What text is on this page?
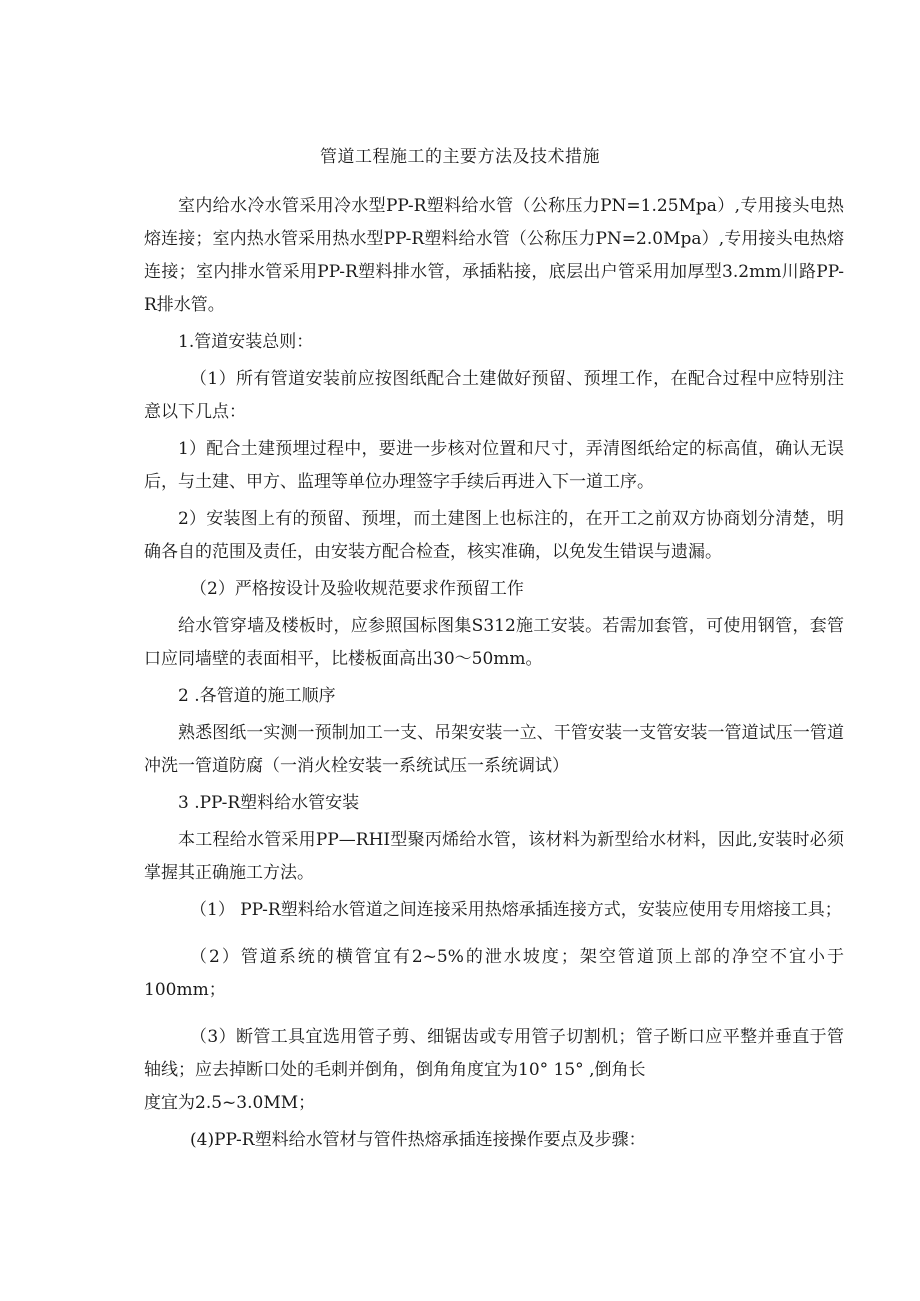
管道工程施工的主要方法及技术措施

室内给水冷水管采用冷水型PP-R塑料给水管（公称压力PN=1.25Mpa）,专用接头电热熔连接；室内热水管采用热水型PP-R塑料给水管（公称压力PN=2.0Mpa）,专用接头电热熔连接；室内排水管采用PP-R塑料排水管，承插粘接，底层出户管采用加厚型3.2mm川路PP-R排水管。

1.管道安装总则：

（1）所有管道安装前应按图纸配合土建做好预留、预埋工作，在配合过程中应特别注意以下几点：

1）配合土建预埋过程中，要进一步核对位置和尺寸，弄清图纸给定的标高值，确认无误后，与土建、甲方、监理等单位办理签字手续后再进入下一道工序。

2）安装图上有的预留、预埋，而土建图上也标注的，在开工之前双方协商划分清楚，明确各自的范围及责任，由安装方配合检查，核实准确，以免发生错误与遗漏。

（2）严格按设计及验收规范要求作预留工作

给水管穿墙及楼板时，应参照国标图集S312施工安装。若需加套管，可使用钢管，套管口应同墙壁的表面相平，比楼板面高出30～50mm。

2 .各管道的施工顺序

熟悉图纸一实测一预制加工一支、吊架安装一立、干管安装一支管安装一管道试压一管道冲洗一管道防腐（一消火栓安装一系统试压一系统调试）

3 .PP-R塑料给水管安装

本工程给水管采用PP—RHI型聚丙烯给水管，该材料为新型给水材料，因此,安装时必须掌握其正确施工方法。

（1） PP-R塑料给水管道之间连接采用热熔承插连接方式，安装应使用专用熔接工具；

（2）管道系统的横管宜有2~5%的泄水坡度；架空管道顶上部的净空不宜小于100mm；

（3）断管工具宜选用管子剪、细锯齿或专用管子切割机；管子断口应平整并垂直于管轴线；应去掉断口处的毛刺并倒角，倒角角度宜为10° 15° ,倒角长

度宜为2.5~3.0MM；

(4)PP-R塑料给水管材与管件热熔承插连接操作要点及步骤：
